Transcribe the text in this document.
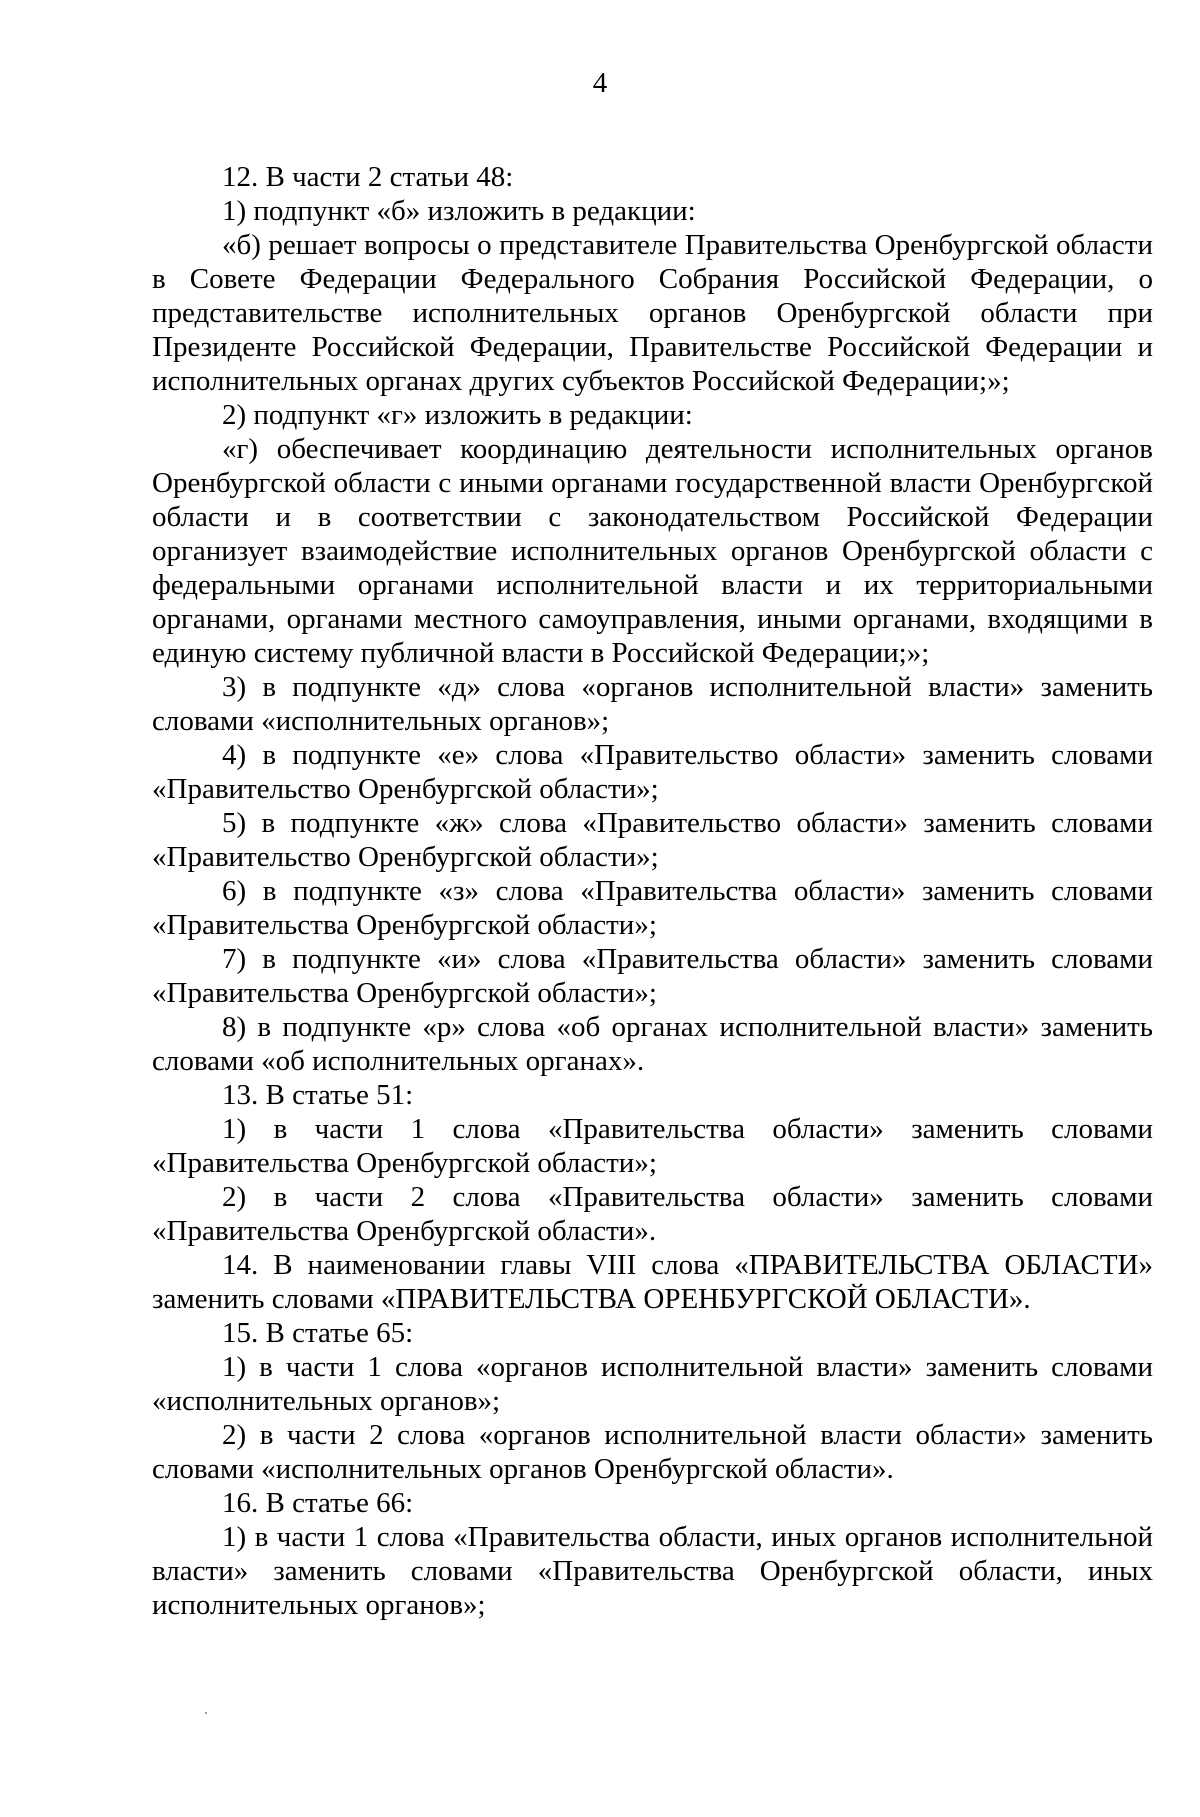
4

12. В части 2 статьи 48:

1) подпункт «б» изложить в редакции:

«б) решает вопросы о представителе Правительства Оренбургской области в Совете Федерации Федерального Собрания Российской Федерации, о представительстве исполнительных органов Оренбургской области при Президенте Российской Федерации, Правительстве Российской Федерации и исполнительных органах других субъектов Российской Федерации;»;

2) подпункт «г» изложить в редакции:

«г) обеспечивает координацию деятельности исполнительных органов Оренбургской области с иными органами государственной власти Оренбургской области и в соответствии с законодательством Российской Федерации организует взаимодействие исполнительных органов Оренбургской области с федеральными органами исполнительной власти и их территориальными органами, органами местного самоуправления, иными органами, входящими в единую систему публичной власти в Российской Федерации;»;

3) в подпункте «д» слова «органов исполнительной власти» заменить словами «исполнительных органов»;

4) в подпункте «е» слова «Правительство области» заменить словами «Правительство Оренбургской области»;

5) в подпункте «ж» слова «Правительство области» заменить словами «Правительство Оренбургской области»;

6) в подпункте «з» слова «Правительства области» заменить словами «Правительства Оренбургской области»;

7) в подпункте «и» слова «Правительства области» заменить словами «Правительства Оренбургской области»;

8) в подпункте «р» слова «об органах исполнительной власти» заменить словами «об исполнительных органах».

13. В статье 51:

1) в части 1 слова «Правительства области» заменить словами «Правительства Оренбургской области»;

2) в части 2 слова «Правительства области» заменить словами «Правительства Оренбургской области».

14. В наименовании главы VIII слова «ПРАВИТЕЛЬСТВА ОБЛАСТИ» заменить словами «ПРАВИТЕЛЬСТВА ОРЕНБУРГСКОЙ ОБЛАСТИ».

15. В статье 65:

1) в части 1 слова «органов исполнительной власти» заменить словами «исполнительных органов»;

2) в части 2 слова «органов исполнительной власти области» заменить словами «исполнительных органов Оренбургской области».

16. В статье 66:

1) в части 1 слова «Правительства области, иных органов исполнительной власти» заменить словами «Правительства Оренбургской области, иных исполнительных органов»;
